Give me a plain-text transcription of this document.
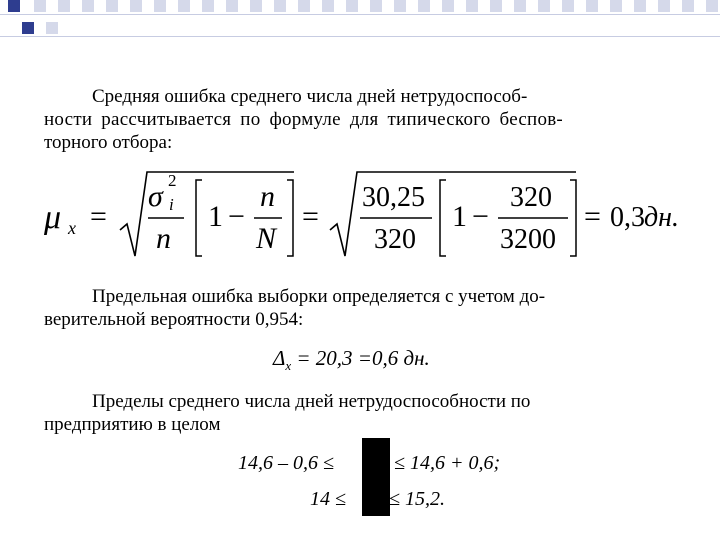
Средняя ошибка среднего числа дней нетрудоспособ-
ности рассчитывается по формуле для типического беспов-
торного отбора:
μ x =
σ 2
i
n
1 −
n
N
=
30,25
320
1 −
320
3200
= 0,3 дн.
Предельная ошибка выборки определяется с учетом до-
верительной вероятности 0,954:
$\Delta_x = 20,3 =0,6$ дн.
Пределы среднего числа дней нетрудоспособности по
предприятию в целом
14,6 – 0,6 ≤	≤ 14,6 + 0,6;
14 ≤ ≤ 15,2.
